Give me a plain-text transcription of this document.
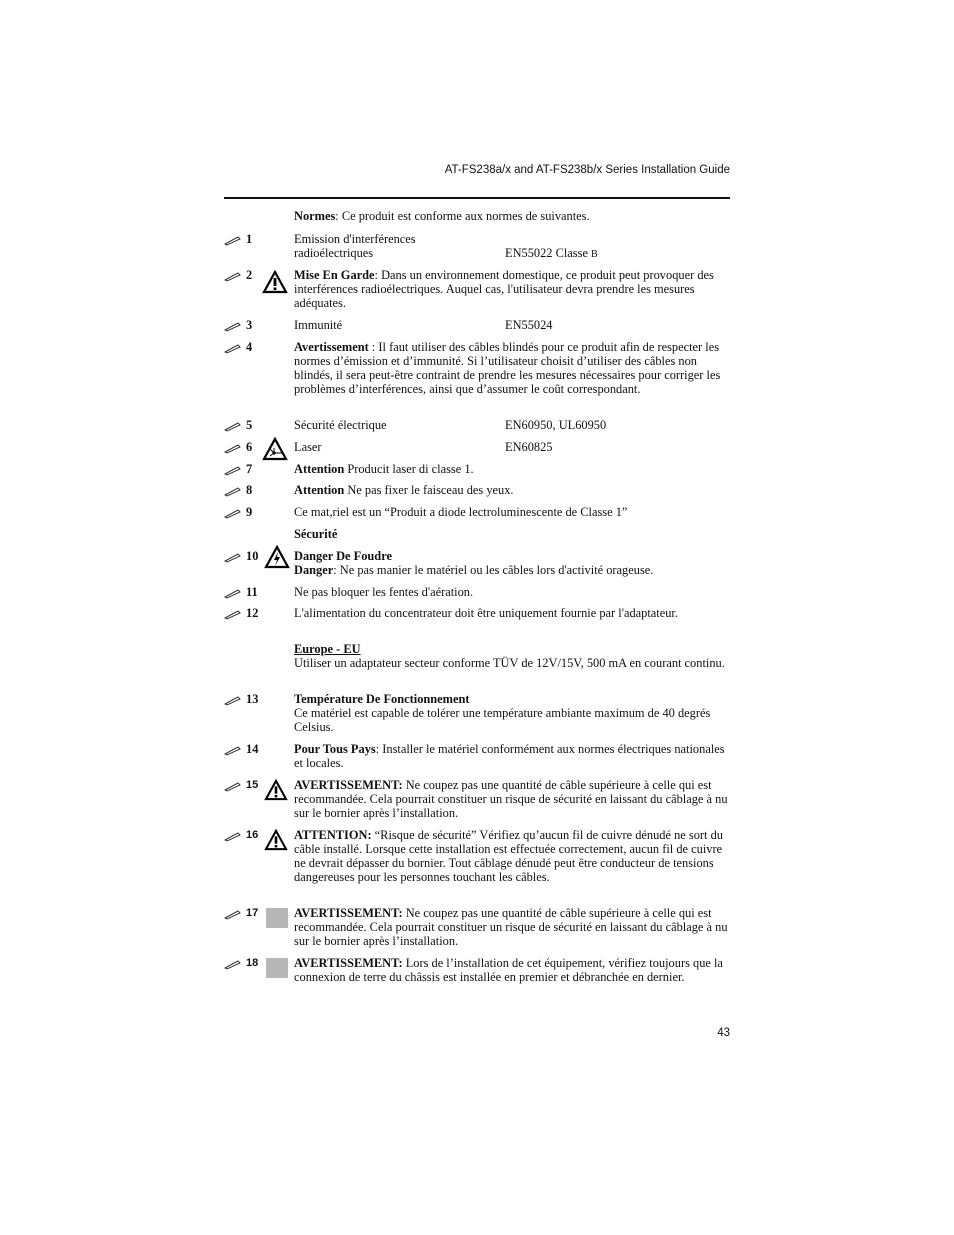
AT-FS238a/x and AT-FS238b/x Series Installation Guide
Normes: Ce produit est conforme aux normes de suivantes.
1	Emission d'interférences
radioélectriques	EN55022 Classe B
2	Mise En Garde: Dans un environnement domestique, ce produit peut provoquer des interférences radioélectriques. Auquel cas, l'utilisateur devra prendre les mesures adéquates.
3	Immunité	EN55024
4	Avertissement : Il faut utiliser des câbles blindés pour ce produit afin de respecter les normes d’émission et d’immunité. Si l’utilisateur choisit d’utiliser des câbles non blindés, il sera peut-être contraint de prendre les mesures nécessaires pour corriger les problèmes d’interférences, ainsi que d’assumer le coût correspondant.
5	Sécurité électrique	EN60950, UL60950
6	Laser	EN60825
7	Attention Producit laser di classe 1.
8	Attention Ne pas fixer le faisceau des yeux.
9	Ce mat,riel est un “Produit a diode lectroluminescente de Classe 1”
Sécurité
10	Danger De Foudre
Danger: Ne pas manier le matériel ou les câbles lors d'activité orageuse.
11	Ne pas bloquer les fentes d'aération.
12	L'alimentation du concentrateur doit être uniquement fournie par l'adaptateur.
Europe - EU
Utiliser un adaptateur secteur conforme TÜV de 12V/15V, 500 mA en courant continu.
13	Température De Fonctionnement
Ce matériel est capable de tolérer une température ambiante maximum de 40 degrés Celsius.
14	Pour Tous Pays: Installer le matériel conformément aux normes électriques nationales et locales.
15	AVERTISSEMENT: Ne coupez pas une quantité de câble supérieure à celle qui est recommandée. Cela pourrait constituer un risque de sécurité en laissant du câblage à nu sur le bornier après l’installation.
16	ATTENTION: “Risque de sécurité” Vérifiez qu’aucun fil de cuivre dénudé ne sort du câble installé. Lorsque cette installation est effectuée correctement, aucun fil de cuivre ne devrait dépasser du bornier. Tout câblage dénudé peut être conducteur de tensions dangereuses pour les personnes touchant les câbles.
17	AVERTISSEMENT: Ne coupez pas une quantité de câble supérieure à celle qui est recommandée. Cela pourrait constituer un risque de sécurité en laissant du câblage à nu sur le bornier après l’installation.
18	AVERTISSEMENT: Lors de l’installation de cet équipement, vérifiez toujours que la connexion de terre du châssis est installée en premier et débranchée en dernier.
43
